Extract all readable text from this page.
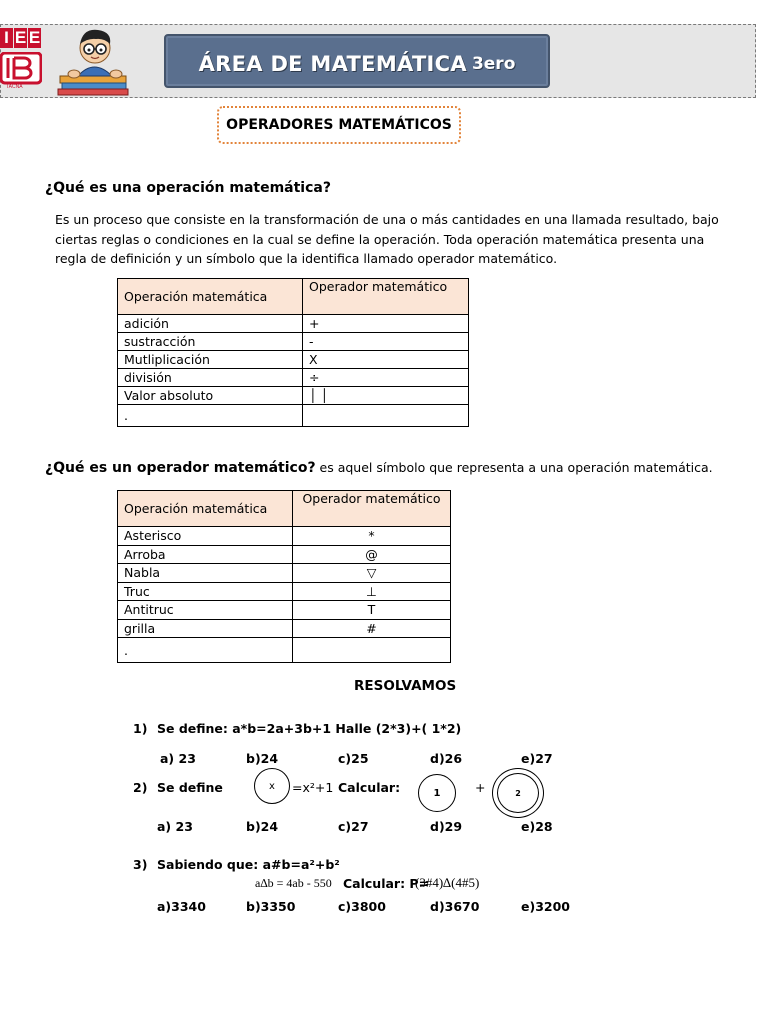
I E E
TACNA
ÁREA DE MATEMÁTICA 3ero
OPERADORES MATEMÁTICOS
¿Qué es una operación matemática?
Es un proceso que consiste en la transformación de una o más cantidades en una llamada resultado, bajo
ciertas reglas o condiciones en la cual se define la operación. Toda operación matemática presenta una
regla de definición y un símbolo que la identifica llamado operador matemático.
Operación matemática	Operador matemático
adición	+
sustracción	-
Mutliplicación	X
división	÷
Valor absoluto	│ │
.	
¿Qué es un operador matemático? es aquel símbolo que representa a una operación matemática.
Operación matemática	Operador matemático
Asterisco	*
Arroba	@
Nabla	▽
Truc	⊥
Antitruc	T
grilla	#
.	
RESOLVAMOS
1) Se define: a*b=2a+3b+1 Halle (2*3)+( 1*2)
a) 23	b)24	c)25	d)26	e)27
2) Se define	x =x²+1 Calcular:	1	+	2
a) 23	b)24	c)27	d)29	e)28
3) Sabiendo que: a#b=a²+b²
a∆b = 4ab - 550 Calcular: P=
(3#4)∆(4#5)
a)3340	b)3350	c)3800	d)3670	e)3200
